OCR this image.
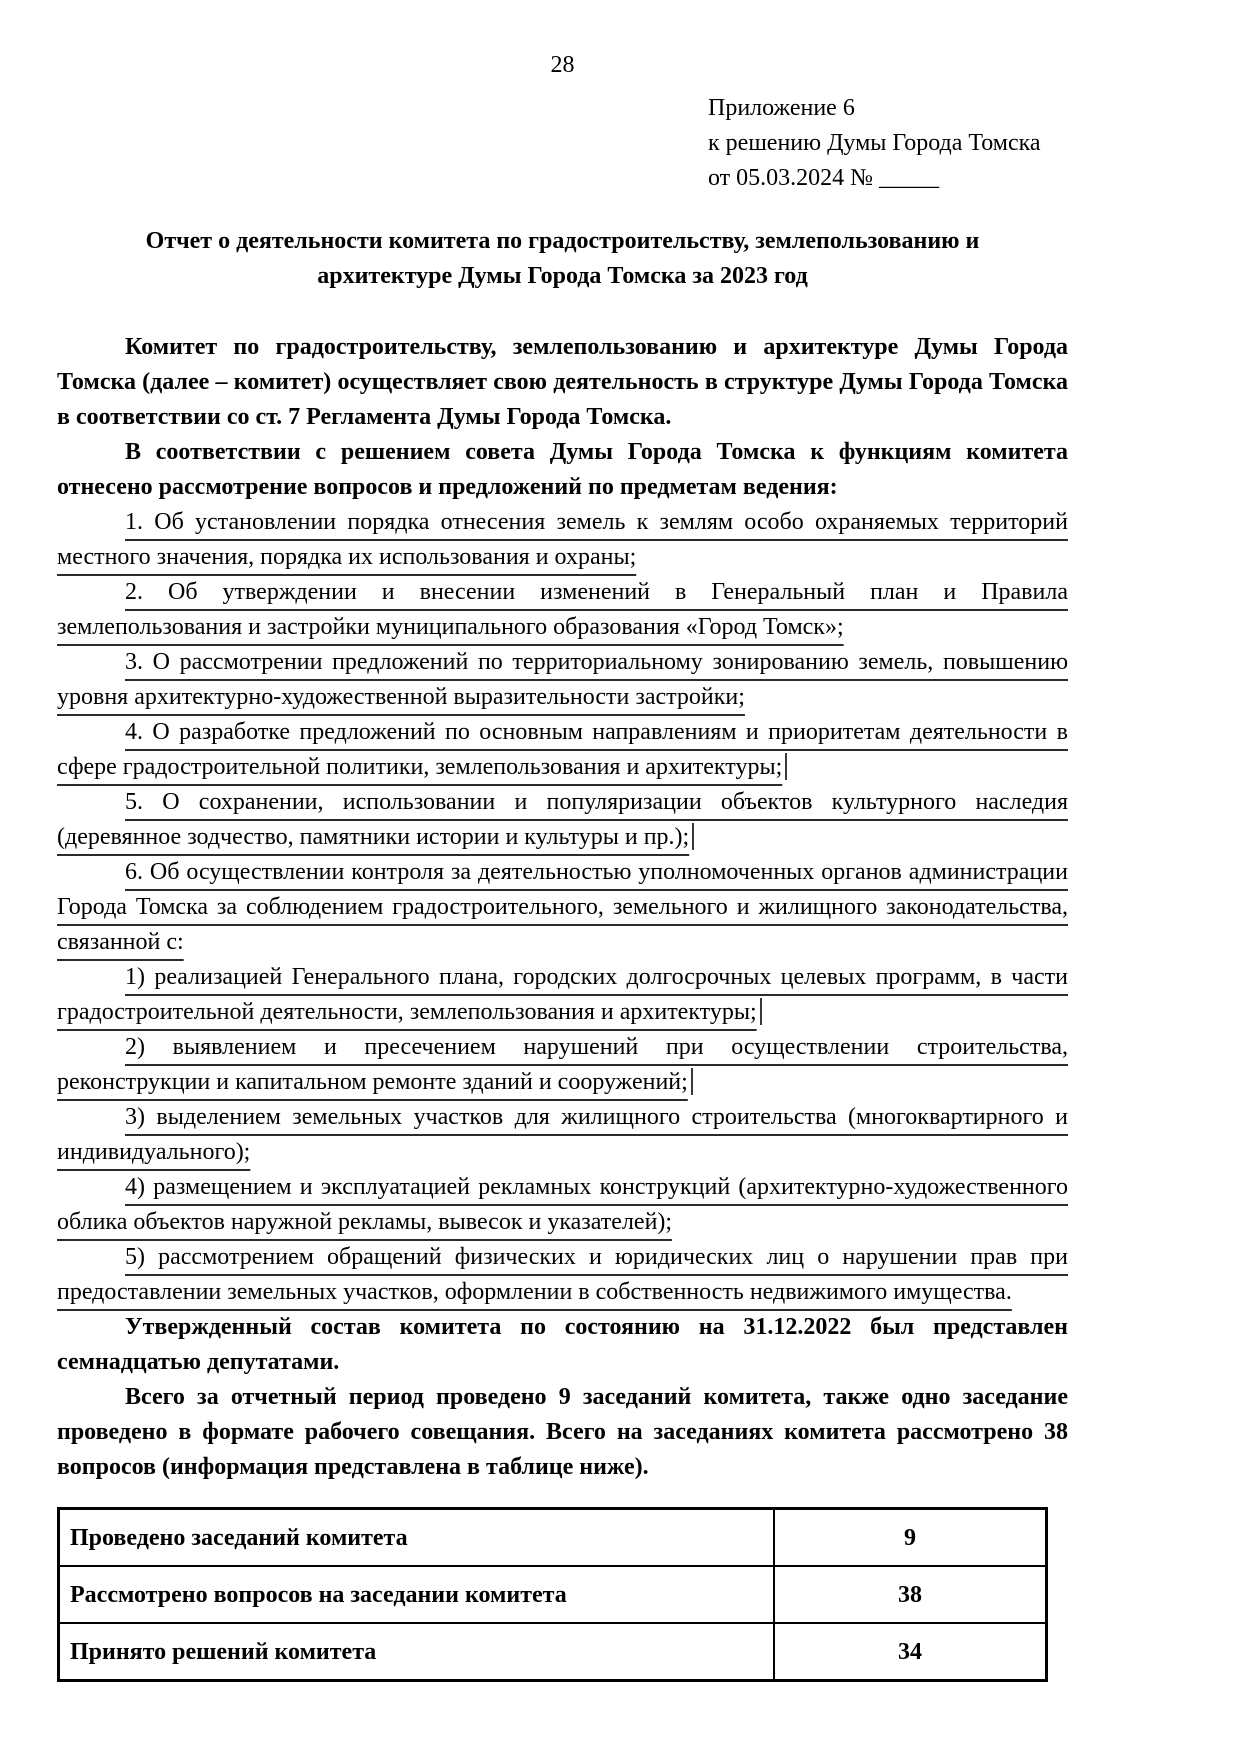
28
Приложение 6
к решению Думы Города Томска
от 05.03.2024 № _____
Отчет о деятельности комитета по градостроительству, землепользованию и архитектуре Думы Города Томска за 2023 год

Комитет по градостроительству, землепользованию и архитектуре Думы Города Томска (далее – комитет) осуществляет свою деятельность в структуре Думы Города Томска в соответствии со ст. 7 Регламента Думы Города Томска.

В соответствии с решением совета Думы Города Томска к функциям комитета отнесено рассмотрение вопросов и предложений по предметам ведения:

1. Об установлении порядка отнесения земель к землям особо охраняемых территорий местного значения, порядка их использования и охраны;

2. Об утверждении и внесении изменений в Генеральный план и Правила землепользования и застройки муниципального образования «Город Томск»;

3. О рассмотрении предложений по территориальному зонированию земель, повышению уровня архитектурно-художественной выразительности застройки;

4. О разработке предложений по основным направлениям и приоритетам деятельности в сфере градостроительной политики, землепользования и архитектуры;

5. О сохранении, использовании и популяризации объектов культурного наследия (деревянное зодчество, памятники истории и культуры и пр.);

6. Об осуществлении контроля за деятельностью уполномоченных органов администрации Города Томска за соблюдением градостроительного, земельного и жилищного законодательства, связанной с:

1) реализацией Генерального плана, городских долгосрочных целевых программ, в части градостроительной деятельности, землепользования и архитектуры;

2) выявлением и пресечением нарушений при осуществлении строительства, реконструкции и капитальном ремонте зданий и сооружений;

3) выделением земельных участков для жилищного строительства (многоквартирного и индивидуального);

4) размещением и эксплуатацией рекламных конструкций (архитектурно-художественного облика объектов наружной рекламы, вывесок и указателей);

5) рассмотрением обращений физических и юридических лиц о нарушении прав при предоставлении земельных участков, оформлении в собственность недвижимого имущества.

Утвержденный состав комитета по состоянию на 31.12.2022 был представлен семнадцатью депутатами.

Всего за отчетный период проведено 9 заседаний комитета, также одно заседание проведено в формате рабочего совещания. Всего на заседаниях комитета рассмотрено 38 вопросов (информация представлена в таблице ниже).

Проведено заседаний комитета	9
Рассмотрено вопросов на заседании комитета	38
Принято решений комитета	34
